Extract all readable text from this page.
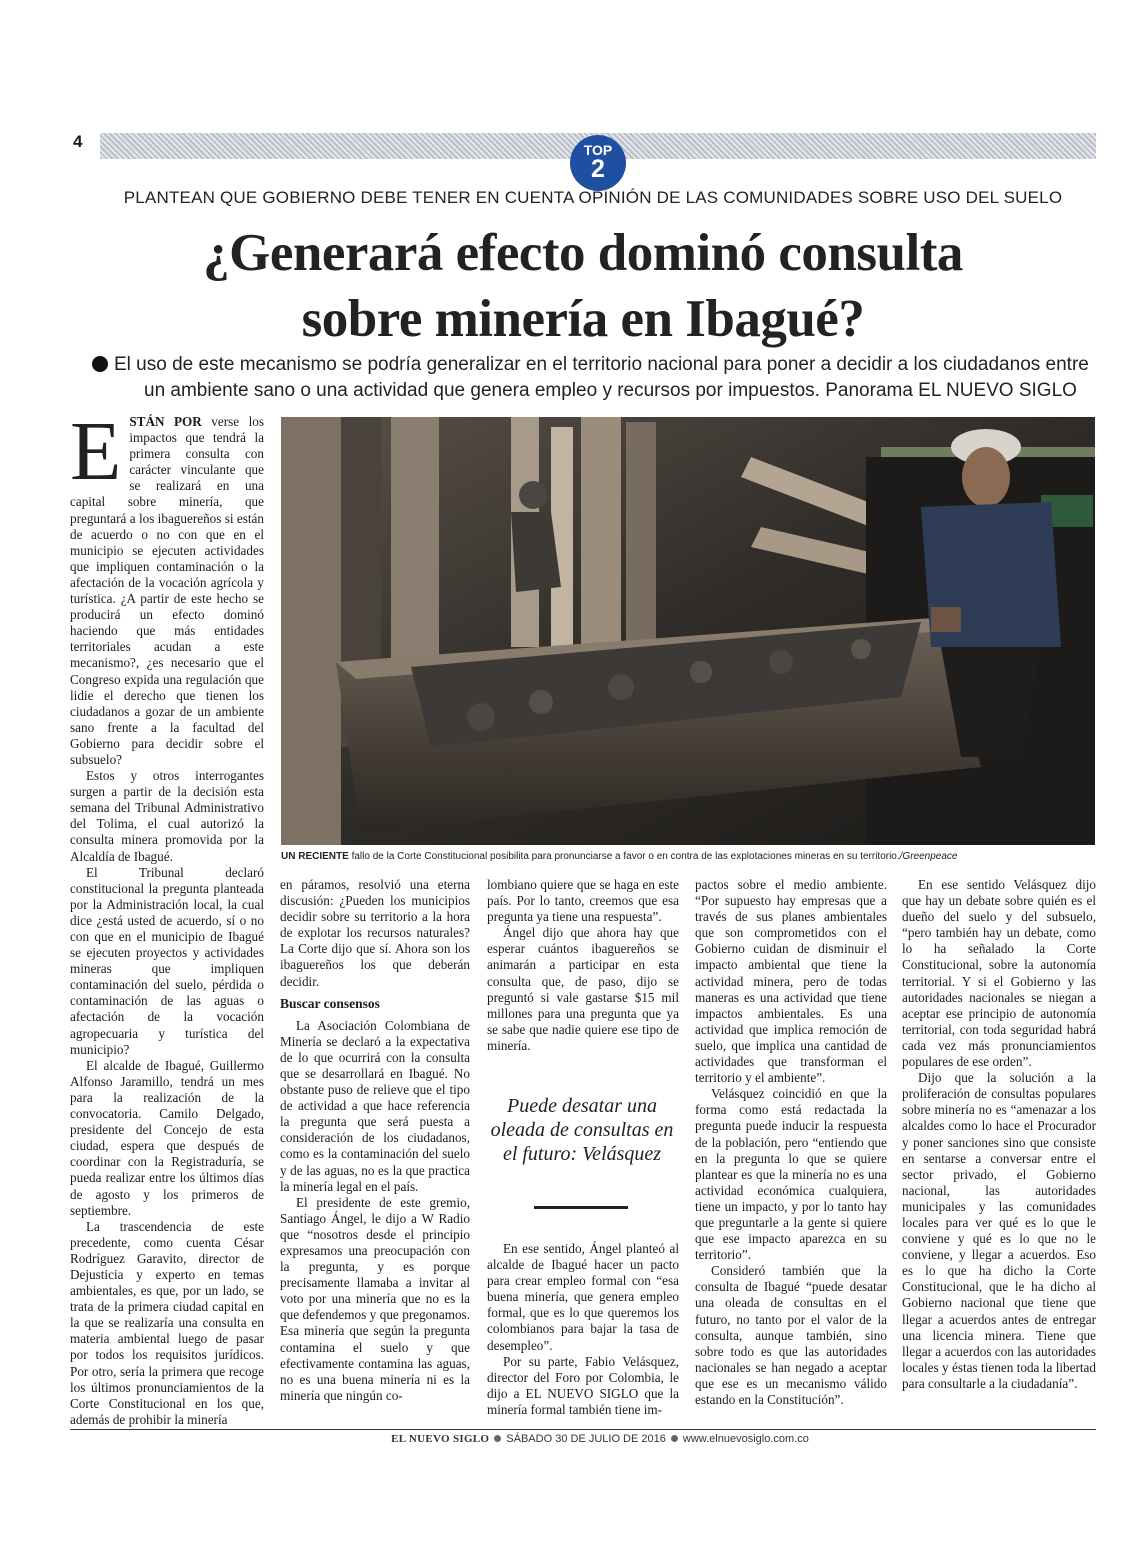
4	TOP
2
PLANTEAN QUE GOBIERNO DEBE TENER EN CUENTA OPINIÓN DE LAS COMUNIDADES SOBRE USO DEL SUELO
¿Generará efecto dominó consulta
sobre minería en Ibagué?
El uso de este mecanismo se podría generalizar en el territorio nacional para poner a decidir a los ciudadanos entre
un ambiente sano o una actividad que genera empleo y recursos por impuestos. Panorama EL NUEVO SIGLO

ESTÁN POR verse los impactos que tendrá la primera consulta con carácter vinculante que se realizará en una capital sobre minería, que preguntará a los ibaguereños si están de acuerdo o no con que en el municipio se ejecuten actividades que impliquen contaminación o la afectación de la vocación agrícola y turística. ¿A partir de este hecho se producirá un efecto dominó haciendo que más entidades territoriales acudan a este mecanismo?, ¿es necesario que el Congreso expida una regulación que lidie el derecho que tienen los ciudadanos a gozar de un ambiente sano frente a la facultad del Gobierno para decidir sobre el subsuelo?

Estos y otros interrogantes surgen a partir de la decisión esta semana del Tribunal Administrativo del Tolima, el cual autorizó la consulta minera promovida por la Alcaldía de Ibagué.

El Tribunal declaró constitucional la pregunta planteada por la Administración local, la cual dice ¿está usted de acuerdo, sí o no con que en el municipio de Ibagué se ejecuten proyectos y actividades mineras que impliquen contaminación del suelo, pérdida o contaminación de las aguas o afectación de la vocación agropecuaria y turística del municipio?

El alcalde de Ibagué, Guillermo Alfonso Jaramillo, tendrá un mes para la realización de la convocatoria. Camilo Delgado, presidente del Concejo de esta ciudad, espera que después de coordinar con la Registraduría, se pueda realizar entre los últimos días de agosto y los primeros de septiembre.

La trascendencia de este precedente, como cuenta César Rodríguez Garavito, director de Dejusticia y experto en temas ambientales, es que, por un lado, se trata de la primera ciudad capital en la que se realizaría una consulta en materia ambiental luego de pasar por todos los requisitos jurídicos. Por otro, sería la primera que recoge los últimos pronunciamientos de la Corte Constitucional en los que, además de prohibir la minería

UN RECIENTE fallo de la Corte Constitucional posibilita para pronunciarse a favor o en contra de las explotaciones mineras en su territorio./Greenpeace

en páramos, resolvió una eterna discusión: ¿Pueden los municipios decidir sobre su territorio a la hora de explotar los recursos naturales? La Corte dijo que sí. Ahora son los ibaguereños los que deberán decidir.

Buscar consensos

La Asociación Colombiana de Minería se declaró a la expectativa de lo que ocurrirá con la consulta que se desarrollará en Ibagué. No obstante puso de relieve que el tipo de actividad a que hace referencia la pregunta que será puesta a consideración de los ciudadanos, como es la contaminación del suelo y de las aguas, no es la que practica la minería legal en el país.

El presidente de este gremio, Santiago Ángel, le dijo a W Radio que “nosotros desde el principio expresamos una preocupación con la pregunta, y es porque precisamente llamaba a invitar al voto por una minería que no es la que defendemos y que pregonamos. Esa minería que según la pregunta contamina el suelo y que efectivamente contamina las aguas, no es una buena minería ni es la minería que ningún co-

lombiano quiere que se haga en este país. Por lo tanto, creemos que esa pregunta ya tiene una respuesta”.

Ángel dijo que ahora hay que esperar cuántos ibaguereños se animarán a participar en esta consulta que, de paso, dijo se preguntó si vale gastarse $15 mil millones para una pregunta que ya se sabe que nadie quiere ese tipo de minería.

Puede desatar una oleada de consultas en el futuro: Velásquez

En ese sentido, Ángel planteó al alcalde de Ibagué hacer un pacto para crear empleo formal con “esa buena minería, que genera empleo formal, que es lo que queremos los colombianos para bajar la tasa de desempleo”.

Por su parte, Fabio Velásquez, director del Foro por Colombia, le dijo a EL NUEVO SIGLO que la minería formal también tiene im-

pactos sobre el medio ambiente. “Por supuesto hay empresas que a través de sus planes ambientales que son comprometidos con el Gobierno cuidan de disminuir el impacto ambiental que tiene la actividad minera, pero de todas maneras es una actividad que tiene impactos ambientales. Es una actividad que implica remoción de suelo, que implica una cantidad de actividades que transforman el territorio y el ambiente”.

Velásquez coincidió en que la forma como está redactada la pregunta puede inducir la respuesta de la población, pero “entiendo que en la pregunta lo que se quiere plantear es que la minería no es una actividad económica cualquiera, tiene un impacto, y por lo tanto hay que preguntarle a la gente si quiere que ese impacto aparezca en su territorio”.

Consideró también que la consulta de Ibagué “puede desatar una oleada de consultas en el futuro, no tanto por el valor de la consulta, aunque también, sino sobre todo es que las autoridades nacionales se han negado a aceptar que ese es un mecanismo válido estando en la Constitución”.

En ese sentido Velásquez dijo que hay un debate sobre quién es el dueño del suelo y del subsuelo, “pero también hay un debate, como lo ha señalado la Corte Constitucional, sobre la autonomía territorial. Y si el Gobierno y las autoridades nacionales se niegan a aceptar ese principio de autonomía territorial, con toda seguridad habrá cada vez más pronunciamientos populares de ese orden”.

Dijo que la solución a la proliferación de consultas populares sobre minería no es “amenazar a los alcaldes como lo hace el Procurador y poner sanciones sino que consiste en sentarse a conversar entre el sector privado, el Gobierno nacional, las autoridades municipales y las comunidades locales para ver qué es lo que le conviene y qué es lo que no le conviene, y llegar a acuerdos. Eso es lo que ha dicho la Corte Constitucional, que le ha dicho al Gobierno nacional que tiene que llegar a acuerdos antes de entregar una licencia minera. Tiene que llegar a acuerdos con las autoridades locales y éstas tienen toda la libertad para consultarle a la ciudadanía”.

EL NUEVO SIGLO SÁBADO 30 DE JULIO DE 2016 www.elnuevosiglo.com.co
